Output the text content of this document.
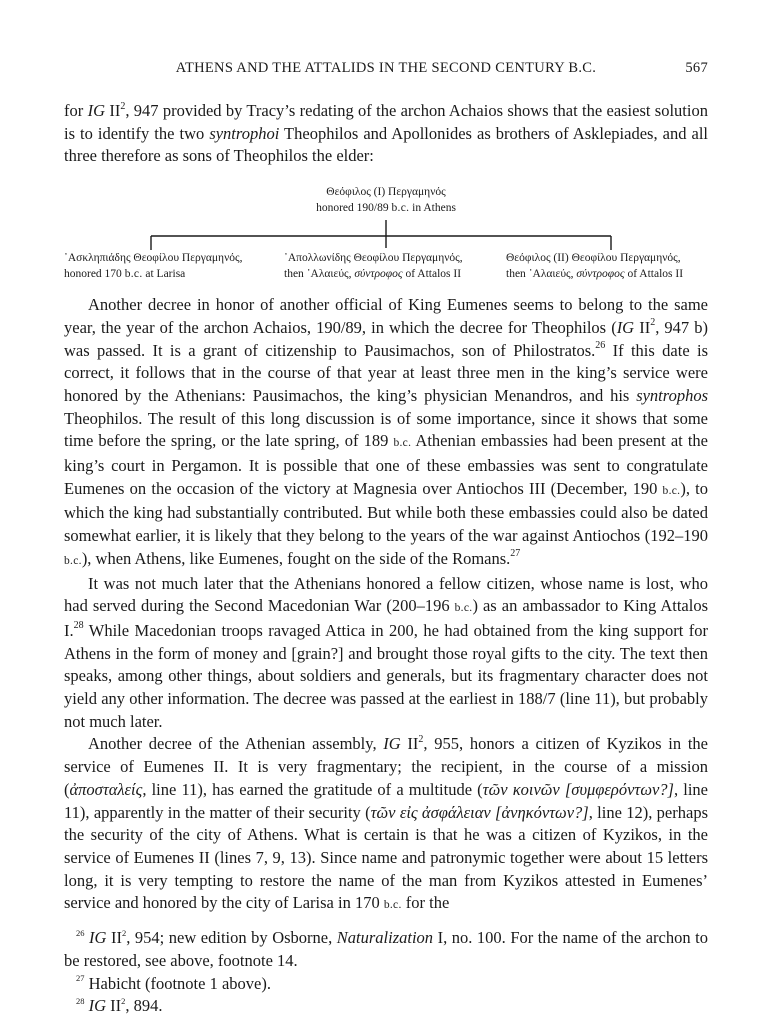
ATHENS AND THE ATTALIDS IN THE SECOND CENTURY B.C.	567

for IG $II^2$, 947 provided by Tracy’s redating of the archon Achaios shows that the easiest solution is to identify the two syntrophoi Theophilos and Apollonides as brothers of Asklepiades, and all three therefore as sons of Theophilos the elder:

Θεόφιλος (Ι) Περγαμηνός
honored 190/89 b.c. in Athens
᾿Ασκληπιάδης Θεοφίλου Περγαμηνός,
honored 170 b.c. at Larisa
᾿Απολλωνίδης Θεοφίλου Περγαμηνός,
then ᾿Αλαιεύς, σύντροφος of Attalos II
Θεόφιλος (ΙΙ) Θεοφίλου Περγαμηνός,
then ᾿Αλαιεύς, σύντροφος of Attalos II

Another decree in honor of another official of King Eumenes seems to belong to the same year, the year of the archon Achaios, 190/89, in which the decree for Theophilos (IG $II^2$, 947 b) was passed. It is a grant of citizenship to Pausimachos, son of Philostratos.$^{26}$ If this date is correct, it follows that in the course of that year at least three men in the king’s service were honored by the Athenians: Pausimachos, the king’s physician Menandros, and his syntrophos Theophilos. The result of this long discussion is of some importance, since it shows that some time before the spring, or the late spring, of 189 b.c. Athenian embassies had been present at the king’s court in Pergamon. It is possible that one of these embassies was sent to congratulate Eumenes on the occasion of the victory at Magnesia over Antiochos III (December, 190 b.c.), to which the king had substantially contributed. But while both these embassies could also be dated somewhat earlier, it is likely that they belong to the years of the war against Antiochos (192–190 b.c.), when Athens, like Eumenes, fought on the side of the Romans.$^{27}$

It was not much later that the Athenians honored a fellow citizen, whose name is lost, who had served during the Second Macedonian War (200–196 b.c.) as an ambassador to King Attalos I.$^{28}$ While Macedonian troops ravaged Attica in 200, he had obtained from the king support for Athens in the form of money and [grain?] and brought those royal gifts to the city. The text then speaks, among other things, about soldiers and generals, but its fragmentary character does not yield any other information. The decree was passed at the earliest in 188/7 (line 11), but probably not much later.

Another decree of the Athenian assembly, IG $II^2$, 955, honors a citizen of Kyzikos in the service of Eumenes II. It is very fragmentary; the recipient, in the course of a mission (ἀποσταλείς, line 11), has earned the gratitude of a multitude (τῶν κοινῶν [συμφερόντων?], line 11), apparently in the matter of their security (τῶν εἰς ἀσφάλειαν [ἀνηκόντων?], line 12), perhaps the security of the city of Athens. What is certain is that he was a citizen of Kyzikos, in the service of Eumenes II (lines 7, 9, 13). Since name and patronymic together were about 15 letters long, it is very tempting to restore the name of the man from Kyzikos attested in Eumenes’ service and honored by the city of Larisa in 170 b.c. for the

$^{26}$ IG $II^2$, 954; new edition by Osborne, Naturalization I, no. 100. For the name of the archon to be restored, see above, footnote 14.

$^{27}$ Habicht (footnote 1 above).

$^{28}$ IG $II^2$, 894.
